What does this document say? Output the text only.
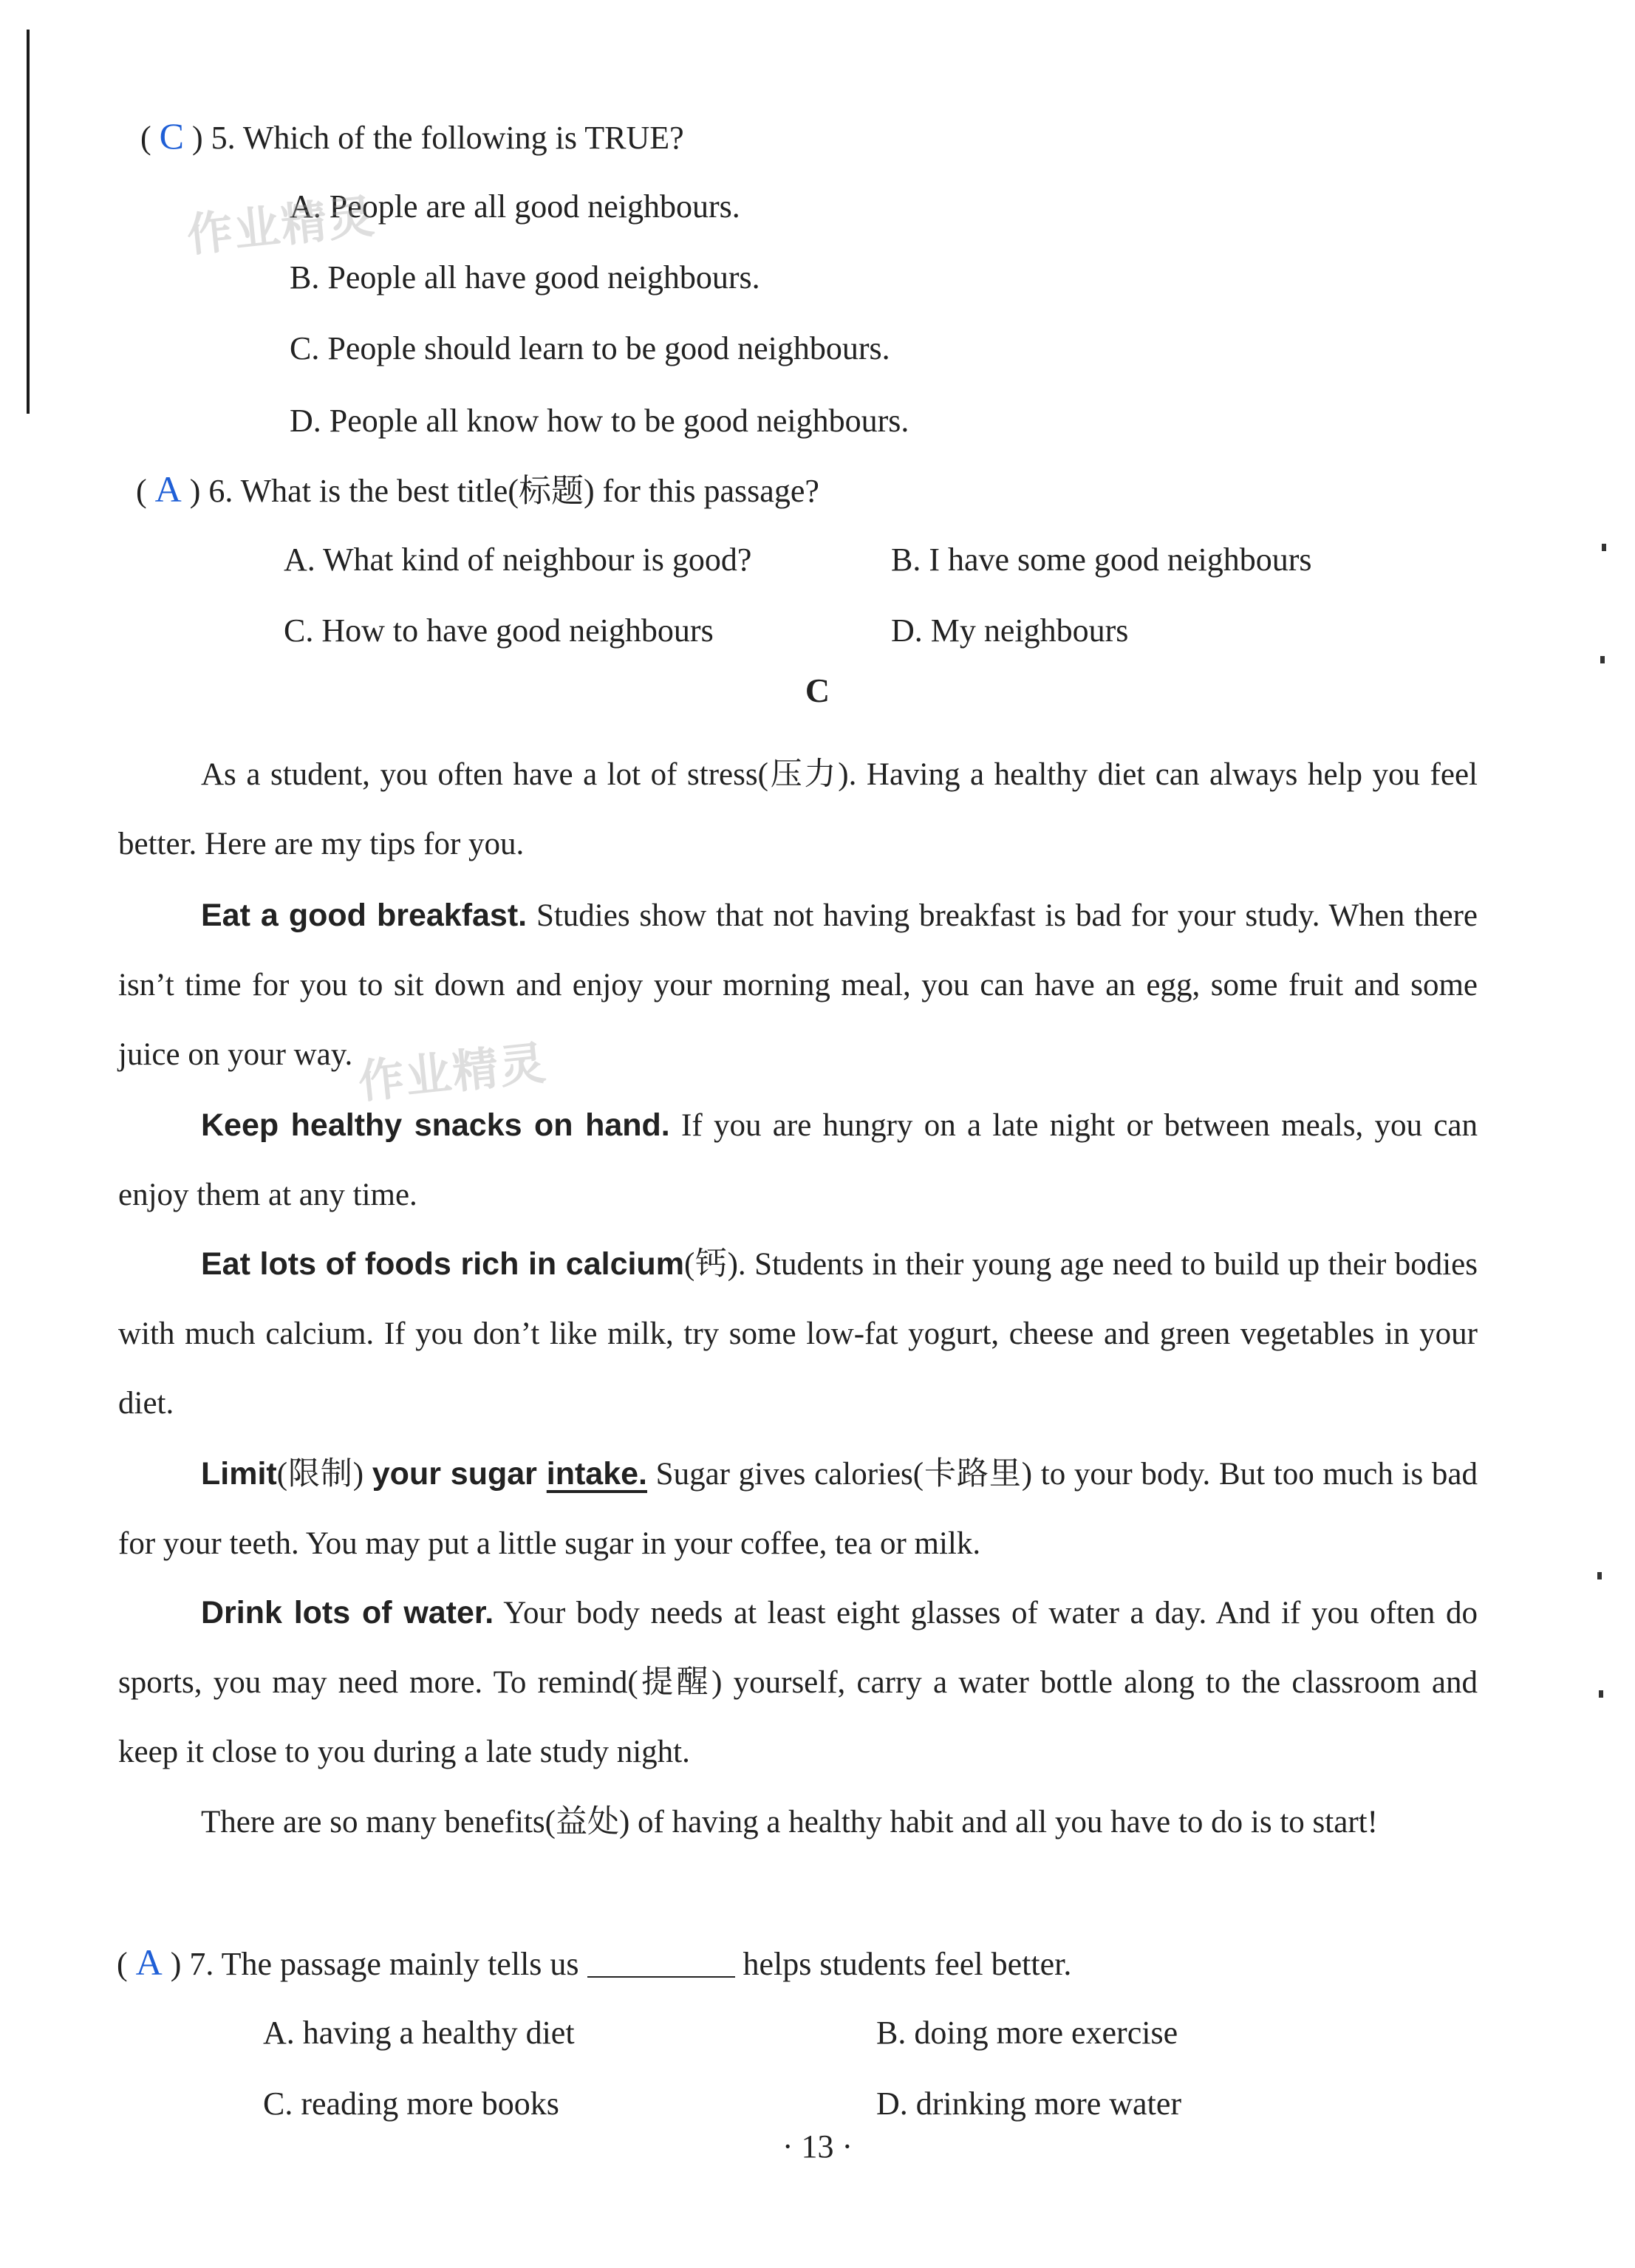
( C ) 5. Which of the following is TRUE?
A. People are all good neighbours.
B. People all have good neighbours.
C. People should learn to be good neighbours.
D. People all know how to be good neighbours.
( A ) 6. What is the best title(标题) for this passage?
A. What kind of neighbour is good?	B. I have some good neighbours
C. How to have good neighbours	D. My neighbours
C
As a student, you often have a lot of stress(压力). Having a healthy diet can always help you feel better. Here are my tips for you.
Eat a good breakfast. Studies show that not having breakfast is bad for your study. When there isn’t time for you to sit down and enjoy your morning meal, you can have an egg, some fruit and some juice on your way.
Keep healthy snacks on hand. If you are hungry on a late night or between meals, you can enjoy them at any time.
Eat lots of foods rich in calcium(钙). Students in their young age need to build up their bodies with much calcium. If you don’t like milk, try some low-fat yogurt, cheese and green vegetables in your diet.
Limit(限制) your sugar intake. Sugar gives calories(卡路里) to your body. But too much is bad for your teeth. You may put a little sugar in your coffee, tea or milk.
Drink lots of water. Your body needs at least eight glasses of water a day. And if you often do sports, you may need more. To remind(提醒) yourself, carry a water bottle along to the classroom and keep it close to you during a late study night.
There are so many benefits(益处) of having a healthy habit and all you have to do is to start!
( A ) 7. The passage mainly tells us	helps students feel better.
A. having a healthy diet	B. doing more exercise
C. reading more books	D. drinking more water
作业精灵
作业精灵
· 13 ·
